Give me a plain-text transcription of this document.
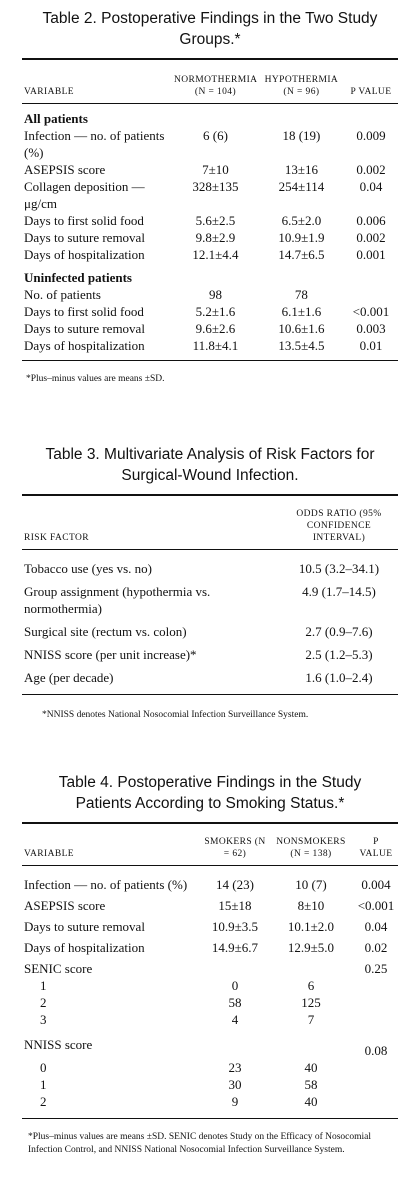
Table 2. Postoperative Findings in the Two Study Groups.*
VARIABLE	NORMOTHERMIA (N = 104)	HYPOTHERMIA (N = 96)	P VALUE
All patients			
Infection — no. of patients (%)	6 (6)	18 (19)	0.009
ASEPSIS score	7±10	13±16	0.002
Collagen deposition — μg/cm	328±135	254±114	0.04
Days to first solid food	5.6±2.5	6.5±2.0	0.006
Days to suture removal	9.8±2.9	10.9±1.9	0.002
Days of hospitalization	12.1±4.4	14.7±6.5	0.001
Uninfected patients			
No. of patients	98	78	
Days to first solid food	5.2±1.6	6.1±1.6	<0.001
Days to suture removal	9.6±2.6	10.6±1.6	0.003
Days of hospitalization	11.8±4.1	13.5±4.5	0.01
*Plus–minus values are means ±SD.
Table 3. Multivariate Analysis of Risk Factors for Surgical-Wound Infection.
RISK FACTOR	ODDS RATIO (95% CONFIDENCE INTERVAL)
Tobacco use (yes vs. no)	10.5 (3.2–34.1)
Group assignment (hypothermia vs. normothermia)	4.9 (1.7–14.5)
Surgical site (rectum vs. colon)	2.7 (0.9–7.6)
NNISS score (per unit increase)*	2.5 (1.2–5.3)
Age (per decade)	1.6 (1.0–2.4)
*NNISS denotes National Nosocomial Infection Surveillance System.
Table 4. Postoperative Findings in the Study Patients According to Smoking Status.*
VARIABLE	SMOKERS (N = 62)	NONSMOKERS (N = 138)	P VALUE
Infection — no. of patients (%)	14 (23)	10 (7)	0.004
ASEPSIS score	15±18	8±10	<0.001
Days to suture removal	10.9±3.5	10.1±2.0	0.04
Days of hospitalization	14.9±6.7	12.9±5.0	0.02
SENIC score			0.25
1	0	6	
2	58	125	
3	4	7	
NNISS score			0.08
0	23	40	
1	30	58	
2	9	40	
*Plus–minus values are means ±SD. SENIC denotes Study on the Efficacy of Nosocomial Infection Control, and NNISS National Nosocomial Infection Surveillance System.
